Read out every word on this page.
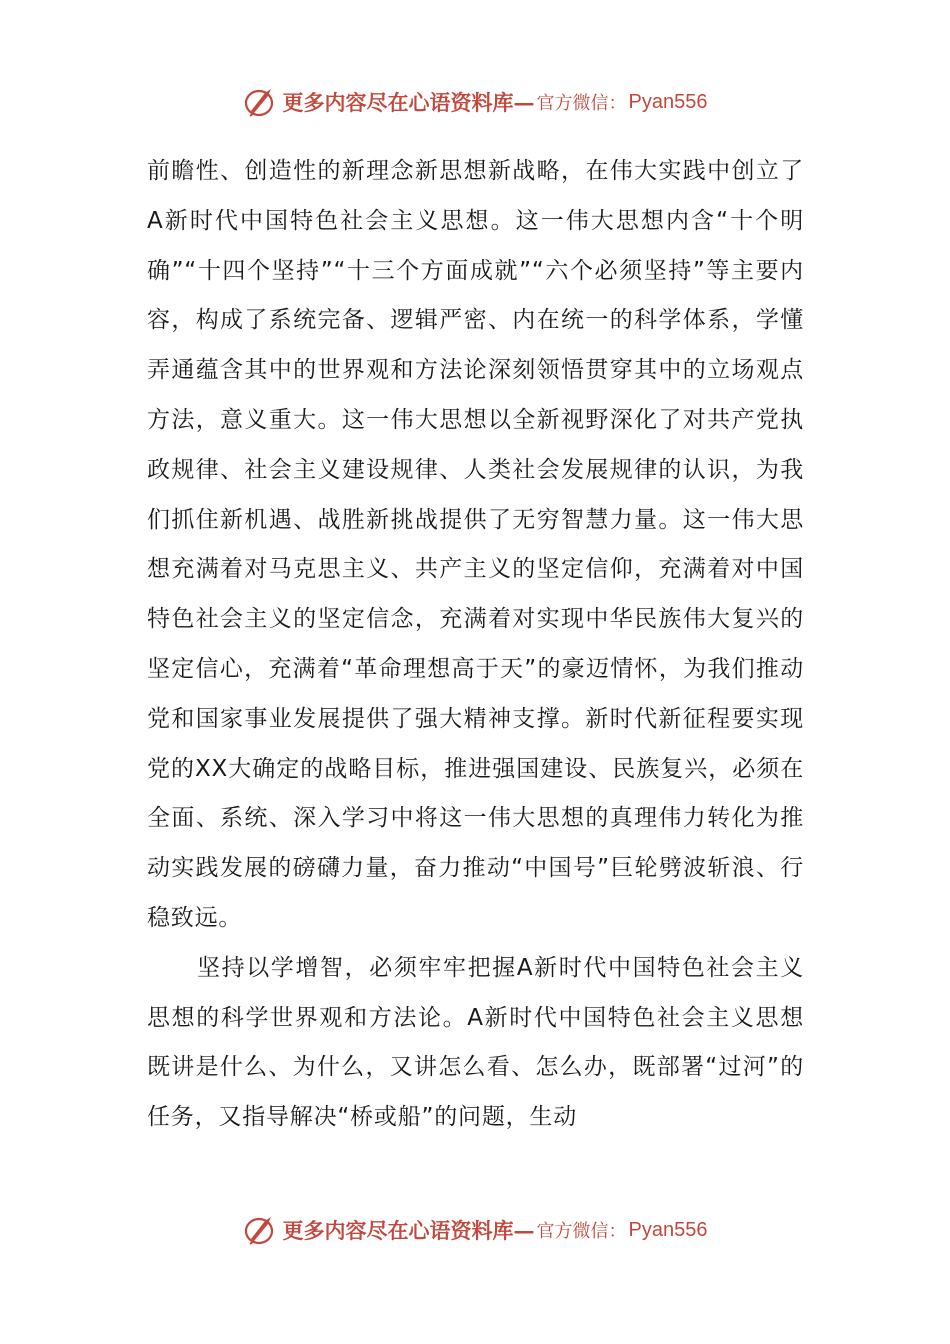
更多内容尽在心语资料库 — 官方微信： Pyan556

前瞻性、创造性的新理念新思想新战略，在伟大实践中创立了A新时代中国特色社会主义思想。这一伟大思想内含“十个明确”“十四个坚持”“十三个方面成就”“六个必须坚持”等主要内容，构成了系统完备、逻辑严密、内在统一的科学体系，学懂弄通蕴含其中的世界观和方法论深刻领悟贯穿其中的立场观点方法，意义重大。这一伟大思想以全新视野深化了对共产党执政规律、社会主义建设规律、人类社会发展规律的认识，为我们抓住新机遇、战胜新挑战提供了无穷智慧力量。这一伟大思想充满着对马克思主义、共产主义的坚定信仰，充满着对中国特色社会主义的坚定信念，充满着对实现中华民族伟大复兴的坚定信心，充满着“革命理想高于天”的豪迈情怀，为我们推动党和国家事业发展提供了强大精神支撑。新时代新征程要实现党的XX大确定的战略目标，推进强国建设、民族复兴，必须在全面、系统、深入学习中将这一伟大思想的真理伟力转化为推动实践发展的磅礴力量，奋力推动“中国号”巨轮劈波斩浪、行稳致远。

坚持以学增智，必须牢牢把握A新时代中国特色社会主义思想的科学世界观和方法论。A新时代中国特色社会主义思想既讲是什么、为什么，又讲怎么看、怎么办，既部署“过河”的任务，又指导解决“桥或船”的问题，生动

更多内容尽在心语资料库 — 官方微信： Pyan556
